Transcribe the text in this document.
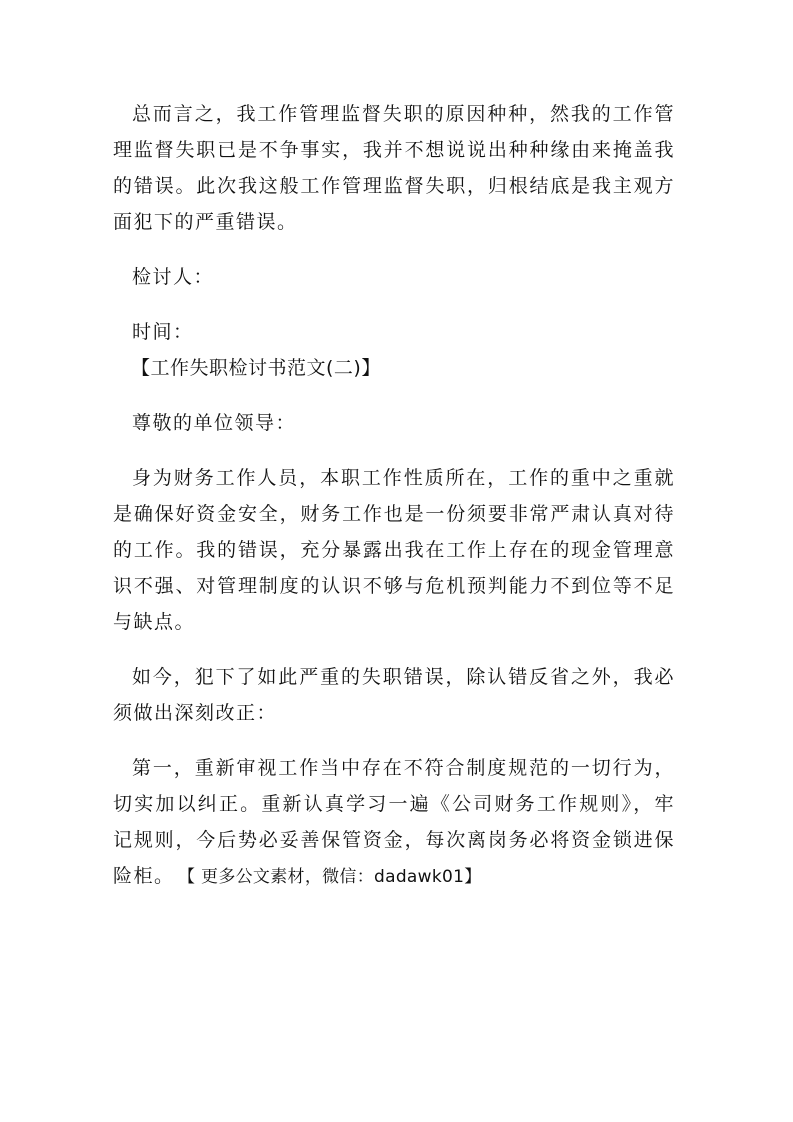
总而言之，我工作管理监督失职的原因种种，然我的工作管理监督失职已是不争事实，我并不想说说出种种缘由来掩盖我的错误。此次我这般工作管理监督失职，归根结底是我主观方面犯下的严重错误。

检讨人：

时间：

【工作失职检讨书范文(二)】

尊敬的单位领导：

身为财务工作人员，本职工作性质所在，工作的重中之重就是确保好资金安全，财务工作也是一份须要非常严肃认真对待的工作。我的错误，充分暴露出我在工作上存在的现金管理意识不强、对管理制度的认识不够与危机预判能力不到位等不足与缺点。

如今，犯下了如此严重的失职错误，除认错反省之外，我必须做出深刻改正：

第一，重新审视工作当中存在不符合制度规范的一切行为，切实加以纠正。重新认真学习一遍《公司财务工作规则》，牢记规则，今后势必妥善保管资金，每次离岗务必将资金锁进保险柜。 【 更多公文素材，微信：dadawk01】
